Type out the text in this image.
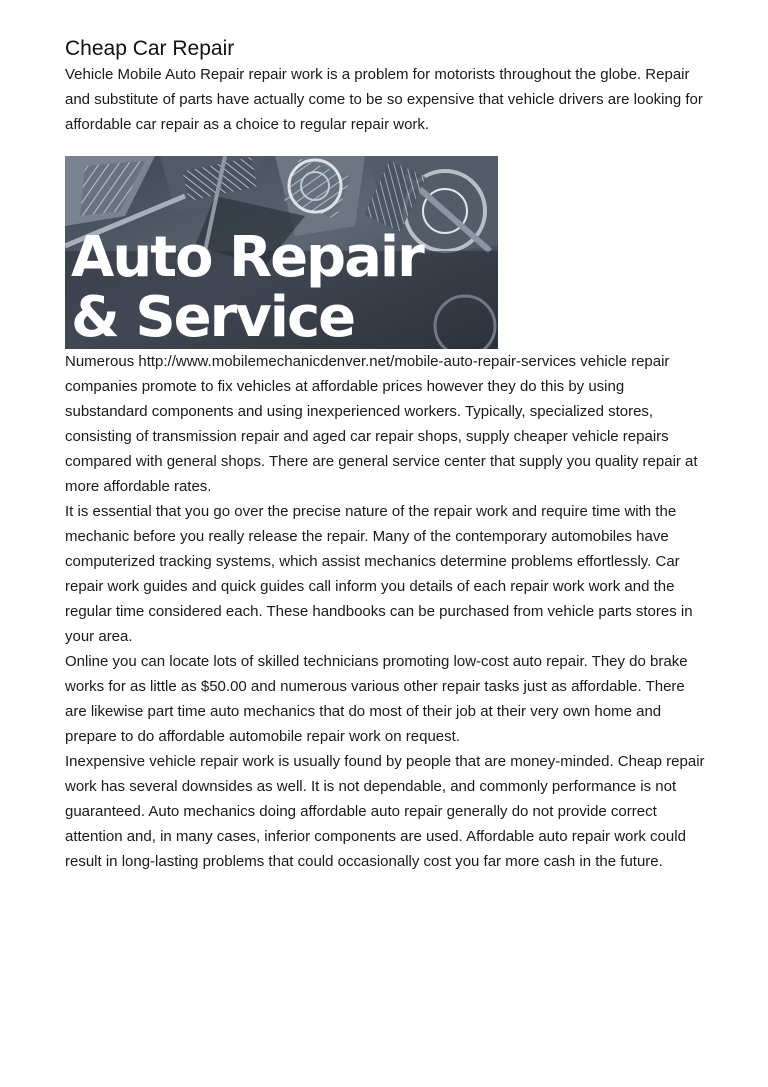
Cheap Car Repair

Vehicle Mobile Auto Repair repair work is a problem for motorists throughout the globe. Repair and substitute of parts have actually come to be so expensive that vehicle drivers are looking for affordable car repair as a choice to regular repair work.

Auto Repair
& Service

Numerous http://www.mobilemechanicdenver.net/mobile-auto-repair-services vehicle repair companies promote to fix vehicles at affordable prices however they do this by using substandard components and using inexperienced workers. Typically, specialized stores, consisting of transmission repair and aged car repair shops, supply cheaper vehicle repairs compared with general shops. There are general service center that supply you quality repair at more affordable rates.

It is essential that you go over the precise nature of the repair work and require time with the mechanic before you really release the repair. Many of the contemporary automobiles have computerized tracking systems, which assist mechanics determine problems effortlessly. Car repair work guides and quick guides call inform you details of each repair work work and the regular time considered each. These handbooks can be purchased from vehicle parts stores in your area.

Online you can locate lots of skilled technicians promoting low-cost auto repair. They do brake works for as little as $50.00 and numerous various other repair tasks just as affordable. There are likewise part time auto mechanics that do most of their job at their very own home and prepare to do affordable automobile repair work on request.

Inexpensive vehicle repair work is usually found by people that are money-minded. Cheap repair work has several downsides as well. It is not dependable, and commonly performance is not guaranteed. Auto mechanics doing affordable auto repair generally do not provide correct attention and, in many cases, inferior components are used. Affordable auto repair work could result in long-lasting problems that could occasionally cost you far more cash in the future.
